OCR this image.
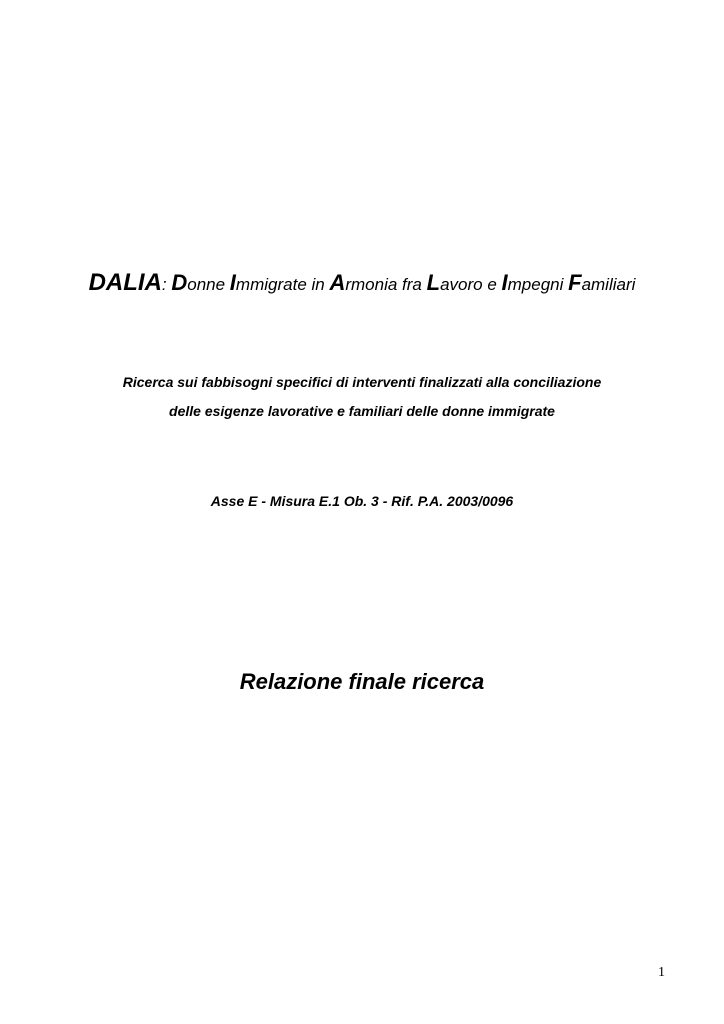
DALIA: Donne Immigrate in Armonia fra Lavoro e Impegni Familiari
Ricerca sui fabbisogni specifici di interventi finalizzati alla conciliazione
delle esigenze lavorative e familiari delle donne immigrate
Asse E - Misura E.1 Ob. 3 - Rif. P.A. 2003/0096
Relazione finale ricerca
1
